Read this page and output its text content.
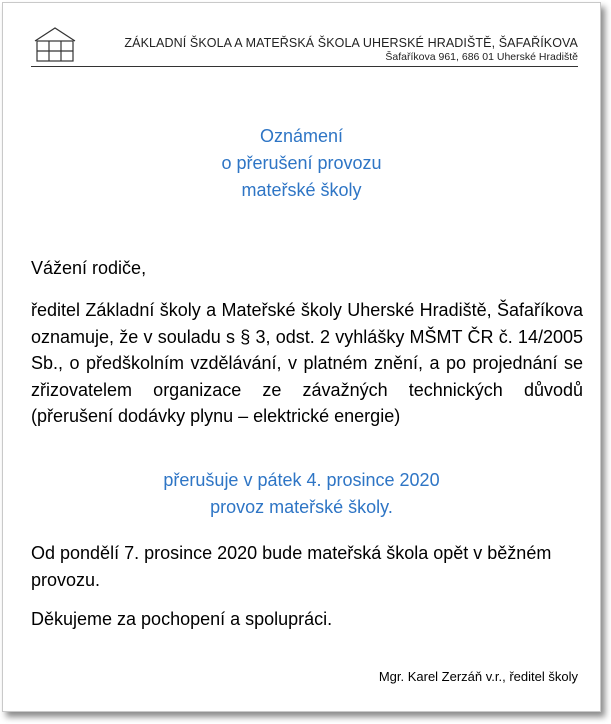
ZÁKLADNÍ ŠKOLA A MATEŘSKÁ ŠKOLA UHERSKÉ HRADIŠTĚ, ŠAFAŘÍKOVA
Šafaříkova 961, 686 01 Uherské Hradiště
Oznámení
o přerušení provozu
mateřské školy
Vážení rodiče,
ředitel Základní školy a Mateřské školy Uherské Hradiště, Šafaříkova oznamuje, že v souladu s § 3, odst. 2 vyhlášky MŠMT ČR č. 14/2005 Sb., o předškolním vzdělávání, v platném znění, a po projednání se zřizovatelem organizace ze závažných technických důvodů (přerušení dodávky plynu – elektrické energie)
přerušuje v pátek 4. prosince 2020
provoz mateřské školy.
Od pondělí 7. prosince 2020 bude mateřská škola opět v běžném provozu.
Děkujeme za pochopení a spolupráci.
Mgr. Karel Zerzáň v.r., ředitel školy
